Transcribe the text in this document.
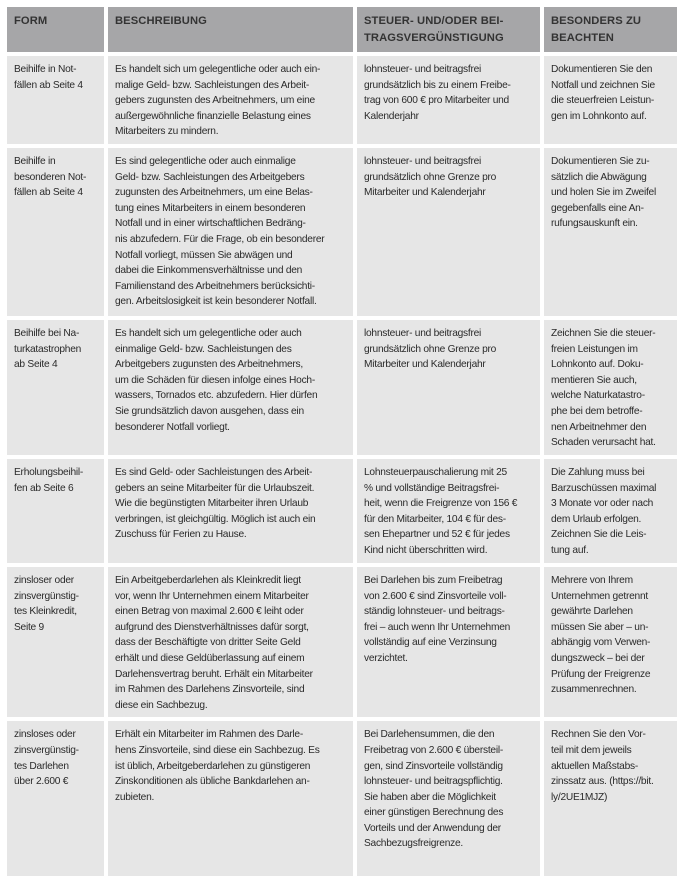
FORM	BESCHREIBUNG	STEUER- UND/ODER BEI-
TRAGSVERGÜNSTIGUNG
BESONDERS ZU
BEACHTEN
Beihilfe in Not-
fällen ab Seite 4
Es handelt sich um gelegentliche oder auch ein-
malige Geld- bzw. Sachleistungen des Arbeit-
gebers zugunsten des Arbeitnehmers, um eine
außergewöhnliche finanzielle Belastung eines
Mitarbeiters zu mindern.
lohnsteuer- und beitragsfrei
grundsätzlich bis zu einem Freibe-
trag von 600 € pro Mitarbeiter und
Kalenderjahr
Dokumentieren Sie den
Notfall und zeichnen Sie
die steuerfreien Leistun-
gen im Lohnkonto auf.
Beihilfe in
besonderen Not-
fällen ab Seite 4
Es sind gelegentliche oder auch einmalige
Geld- bzw. Sachleistungen des Arbeitgebers
zugunsten des Arbeitnehmers, um eine Belas-
tung eines Mitarbeiters in einem besonderen
Notfall und in einer wirtschaftlichen Bedräng-
nis abzufedern. Für die Frage, ob ein besonderer
Notfall vorliegt, müssen Sie abwägen und
dabei die Einkommensverhältnisse und den
Familienstand des Arbeitnehmers berücksichti-
gen. Arbeitslosigkeit ist kein besonderer Notfall.
lohnsteuer- und beitragsfrei
grundsätzlich ohne Grenze pro
Mitarbeiter und Kalenderjahr
Dokumentieren Sie zu-
sätzlich die Abwägung
und holen Sie im Zweifel
gegebenfalls eine An-
rufungsauskunft ein.
Beihilfe bei Na-
turkatastrophen
ab Seite 4
Es handelt sich um gelegentliche oder auch
einmalige Geld- bzw. Sachleistungen des
Arbeitgebers zugunsten des Arbeitnehmers,
um die Schäden für diesen infolge eines Hoch-
wassers, Tornados etc. abzufedern. Hier dürfen
Sie grundsätzlich davon ausgehen, dass ein
besonderer Notfall vorliegt.
lohnsteuer- und beitragsfrei
grundsätzlich ohne Grenze pro
Mitarbeiter und Kalenderjahr
Zeichnen Sie die steuer-
freien Leistungen im
Lohnkonto auf. Doku-
mentieren Sie auch,
welche Naturkatastro-
phe bei dem betroffe-
nen Arbeitnehmer den
Schaden verursacht hat.
Erholungsbeihil-
fen ab Seite 6
Es sind Geld- oder Sachleistungen des Arbeit-
gebers an seine Mitarbeiter für die Urlaubszeit.
Wie die begünstigten Mitarbeiter ihren Urlaub
verbringen, ist gleichgültig. Möglich ist auch ein
Zuschuss für Ferien zu Hause.
Lohnsteuerpauschalierung mit 25
% und vollständige Beitragsfrei-
heit, wenn die Freigrenze von 156 €
für den Mitarbeiter, 104 € für des-
sen Ehepartner und 52 € für jedes
Kind nicht überschritten wird.
Die Zahlung muss bei
Barzuschüssen maximal
3 Monate vor oder nach
dem Urlaub erfolgen.
Zeichnen Sie die Leis-
tung auf.
zinsloser oder
zinsvergünstig-
tes Kleinkredit,
Seite 9
Ein Arbeitgeberdarlehen als Kleinkredit liegt
vor, wenn Ihr Unternehmen einem Mitarbeiter
einen Betrag von maximal 2.600 € leiht oder
aufgrund des Dienstverhältnisses dafür sorgt,
dass der Beschäftigte von dritter Seite Geld
erhält und diese Geldüberlassung auf einem
Darlehensvertrag beruht. Erhält ein Mitarbeiter
im Rahmen des Darlehens Zinsvorteile, sind
diese ein Sachbezug.
Bei Darlehen bis zum Freibetrag
von 2.600 € sind Zinsvorteile voll-
ständig lohnsteuer- und beitrags-
frei – auch wenn Ihr Unternehmen
vollständig auf eine Verzinsung
verzichtet.
Mehrere von Ihrem
Unternehmen getrennt
gewährte Darlehen
müssen Sie aber – un-
abhängig vom Verwen-
dungszweck – bei der
Prüfung der Freigrenze
zusammenrechnen.
zinsloses oder
zinsvergünstig-
tes Darlehen
über 2.600 €
Erhält ein Mitarbeiter im Rahmen des Darle-
hens Zinsvorteile, sind diese ein Sachbezug. Es
ist üblich, Arbeitgeberdarlehen zu günstigeren
Zinskonditionen als übliche Bankdarlehen an-
zubieten.
Bei Darlehensummen, die den
Freibetrag von 2.600 € übersteil-
gen, sind Zinsvorteile vollständig
lohnsteuer- und beitragspflichtig.
Sie haben aber die Möglichkeit
einer günstigen Berechnung des
Vorteils und der Anwendung der
Sachbezugsfreigrenze.
Rechnen Sie den Vor-
teil mit dem jeweils
aktuellen Maßstabs-
zinssatz aus. (https://bit.
ly/2UE1MJZ)
